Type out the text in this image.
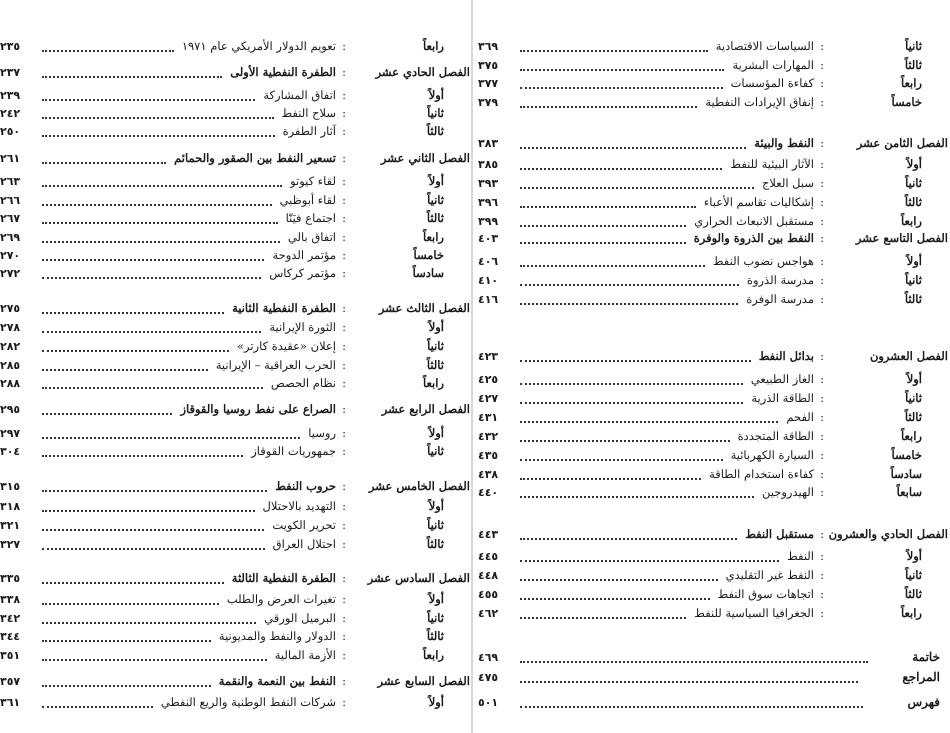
رابعاً
:
تعويم الدولار الأمريكي عام ١٩٧١
٢٣٥
الفصل الحادي عشر
:
الطفرة النفطية الأولى
٢٣٧
أولاً
:
اتفاق المشاركة
٢٣٩
ثانياً
:
سلاح النفط
٢٤٢
ثالثاً
:
آثار الطفرة
٢٥٠
الفصل الثاني عشر
:
تسعير النفط بين الصقور والحمائم
٢٦١
أولاً
:
لقاء كيوتو
٢٦٣
ثانياً
:
لقاء أبوظبي
٢٦٦
ثالثاً
:
اجتماع فيَنّا
٢٦٧
رابعاً
:
اتفاق بالي
٢٦٩
خامساً
:
مؤتمر الدوحة
٢٧٠
سادساً
:
مؤتمر كركاس
٢٧٢
الفصل الثالث عشر
:
الطفرة النفطية الثانية
٢٧٥
أولاً
:
الثورة الإيرانية
٢٧٨
ثانياً
:
إعلان «عقيدة كارتر»
٢٨٢
ثالثاً
:
الحرب العراقية – الإيرانية
٢٨٥
رابعاً
:
نظام الحصص
٢٨٨
الفصل الرابع عشر
:
الصراع على نفط روسيا والقوقاز
٢٩٥
أولاً
:
روسيا
٢٩٧
ثانياً
:
جمهوريات القوقاز
٣٠٤
الفصل الخامس عشر
:
حروب النفط
٣١٥
أولاً
:
التهديد بالاحتلال
٣١٨
ثانياً
:
تحرير الكويت
٣٢١
ثالثاً
:
احتلال العراق
٣٢٧
الفصل السادس عشر
:
الطفرة النفطية الثالثة
٣٣٥
أولاً
:
تغيرات العرض والطلب
٣٣٨
ثانياً
:
البرميل الورقي
٣٤٢
ثالثاً
:
الدولار والنفط والمديونية
٣٤٤
رابعاً
:
الأزمة المالية
٣٥١
الفصل السابع عشر
:
النفط بين النعمة والنقمة
٣٥٧
أولاً
:
شركات النفط الوطنية والريع النفطي
٣٦١
ثانياً
:
السياسات الاقتصادية
٣٦٩
ثالثاً
:
المهارات البشرية
٣٧٥
رابعاً
:
كفاءة المؤسسات
٣٧٧
خامساً
:
إنفاق الإيرادات النفطية
٣٧٩
الفصل الثامن عشر
:
النفط والبيئة
٣٨٣
أولاً
:
الآثار البيئية للنفط
٣٨٥
ثانياً
:
سبل العلاج
٣٩٣
ثالثاً
:
إشكاليات تقاسم الأعباء
٣٩٦
رابعاً
:
مستقبل الانبعاث الحراري
٣٩٩
الفصل التاسع عشر
:
النفط بين الذروة والوفرة
٤٠٣
أولاً
:
هواجس نضوب النفط
٤٠٦
ثانياً
:
مدرسة الذروة
٤١٠
ثالثاً
:
مدرسة الوفرة
٤١٦
الفصل العشرون
:
بدائل النفط
٤٢٣
أولاً
:
الغاز الطبيعي
٤٢٥
ثانياً
:
الطاقة الذرية
٤٢٧
ثالثاً
:
الفحم
٤٣١
رابعاً
:
الطاقة المتجددة
٤٣٢
خامساً
:
السيارة الكهربائية
٤٣٥
سادساً
:
كفاءة استخدام الطاقة
٤٣٨
سابعاً
:
الهيدروجين
٤٤٠
الفصل الحادي والعشرون
:
مستقبل النفط
٤٤٣
أولاً
:
النفط
٤٤٥
ثانياً
:
النفط غير التقليدي
٤٤٨
ثالثاً
:
اتجاهات سوق النفط
٤٥٥
رابعاً
:
الجغرافيا السياسية للنفط
٤٦٢
خاتمة
٤٦٩
المراجع
٤٧٥
فهرس
٥٠١
